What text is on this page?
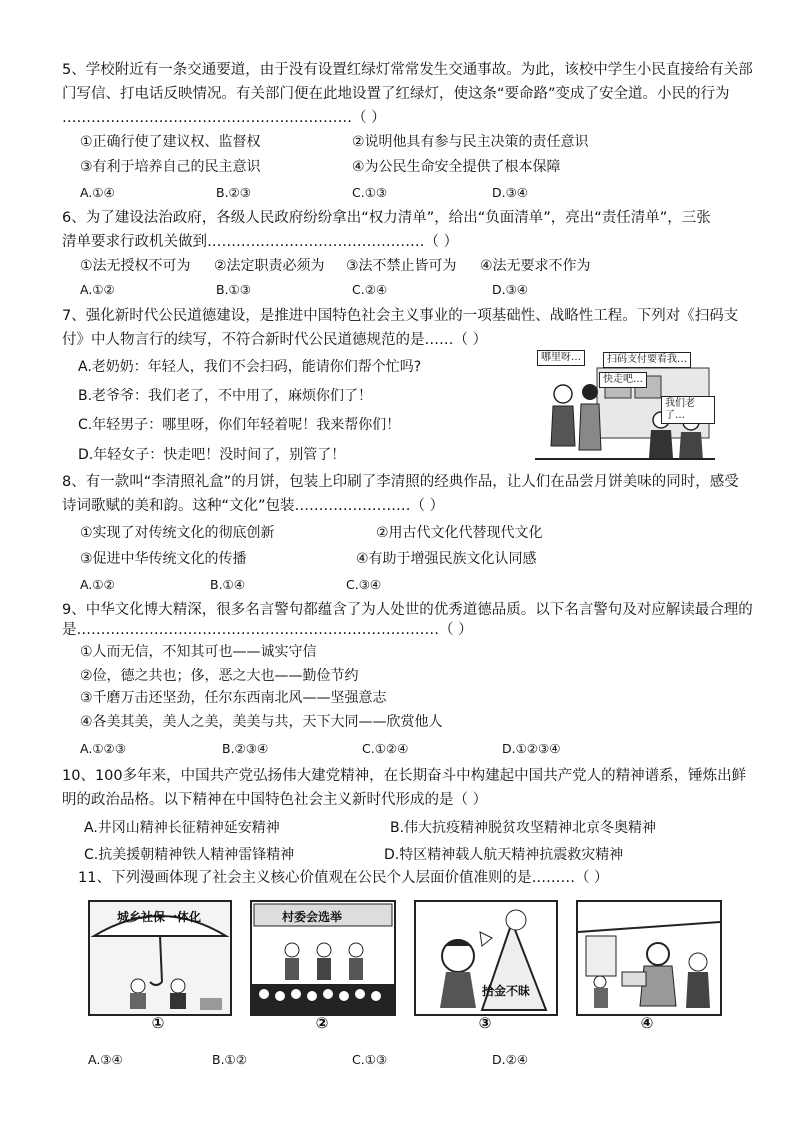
5、学校附近有一条交通要道，由于没有设置红绿灯常常发生交通事故。为此，该校中学生小民直接给有关部
门写信、打电话反映情况。有关部门便在此地设置了红绿灯，使这条“要命路”变成了安全道。小民的行为
……………………………………………………（ ）
①正确行使了建议权、监督权	②说明他具有参与民主决策的责任意识
③有利于培养自己的民主意识	④为公民生命安全提供了根本保障
A.①④	B.②③	C.①③	D.③④
6、为了建设法治政府，各级人民政府纷纷拿出“权力清单”，给出“负面清单”，亮出“责任清单”，三张
清单要求行政机关做到………………………………………（ ）
①法无授权不可为 ②法定职责必须为 ③法不禁止皆可为 ④法无要求不作为
A.①②	B.①③	C.②④	D.③④
7、强化新时代公民道德建设，是推进中国特色社会主义事业的一项基础性、战略性工程。下列对《扫码支
付》中人物言行的续写，不符合新时代公民道德规范的是……（ ）
A.老奶奶：年轻人，我们不会扫码，能请你们帮个忙吗?
B.老爷爷：我们老了，不中用了，麻烦你们了！
C.年轻男子：哪里呀，你们年轻着呢！我来帮你们！
D.年轻女子：快走吧！没时间了，别管了！
哪里呀…	扫码支付要看我…
快走吧…
我们老了…
8、有一款叫“李清照礼盒”的月饼，包装上印刷了李清照的经典作品，让人们在品尝月饼美味的同时，感受
诗词歌赋的美和韵。这种“文化”包装……………………（ ）
①实现了对传统文化的彻底创新	②用古代文化代替现代文化
③促进中华传统文化的传播	④有助于增强民族文化认同感
A.①②	B.①④	C.③④
9、中华文化博大精深，很多名言警句都蕴含了为人处世的优秀道德品质。以下名言警句及对应解读最合理的
是…………………………………………………………………（ ）
①人而无信，不知其可也——诚实守信
②俭，德之共也；侈，恶之大也——勤俭节约
③千磨万击还坚劲，任尔东西南北风——坚强意志
④各美其美，美人之美，美美与共，天下大同——欣赏他人
A.①②③	B.②③④	C.①②④	D.①②③④
10、100多年来，中国共产党弘扬伟大建党精神，在长期奋斗中构建起中国共产党人的精神谱系，锤炼出鲜
明的政治品格。以下精神在中国特色社会主义新时代形成的是（ ）
A.井冈山精神长征精神延安精神	B.伟大抗疫精神脱贫攻坚精神北京冬奥精神
C.抗美援朝精神铁人精神雷锋精神	D.特区精神载人航天精神抗震救灾精神
11、下列漫画体现了社会主义核心价值观在公民个人层面价值准则的是………（ ）
城乡社保一体化
①
村委会选举
②
拾金不昧
③	④
A.③④	B.①②	C.①③	D.②④
